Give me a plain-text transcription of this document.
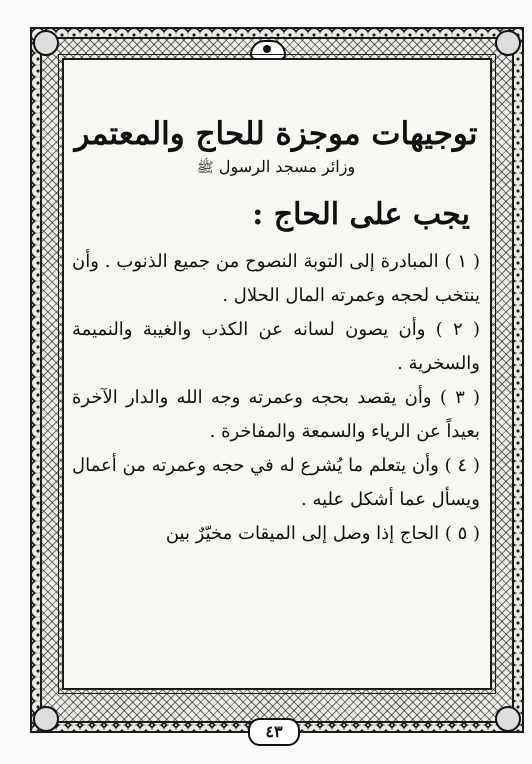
توجيهات موجزة للحاج والمعتمر
وزائر مسجد الرسول ﷺ
يجب على الحاج :

( ١ ) المبادرة إلى التوبة النصوح من جميع الذنوب . وأن ينتخب لحجه وعمرته المال الحلال .

( ٢ ) وأن يصون لسانه عن الكذب والغيبة والنميمة والسخرية .

( ٣ ) وأن يقصد بحجه وعمرته وجه الله والدار الآخرة بعيداً عن الرياء والسمعة والمفاخرة .

( ٤ ) وأن يتعلم ما يُشرع له في حجه وعمرته من أعمال ويسأل عما أشكل عليه .

( ٥ ) الحاج إذا وصل إلى الميقات مخيّرٌ بين

٤٣
